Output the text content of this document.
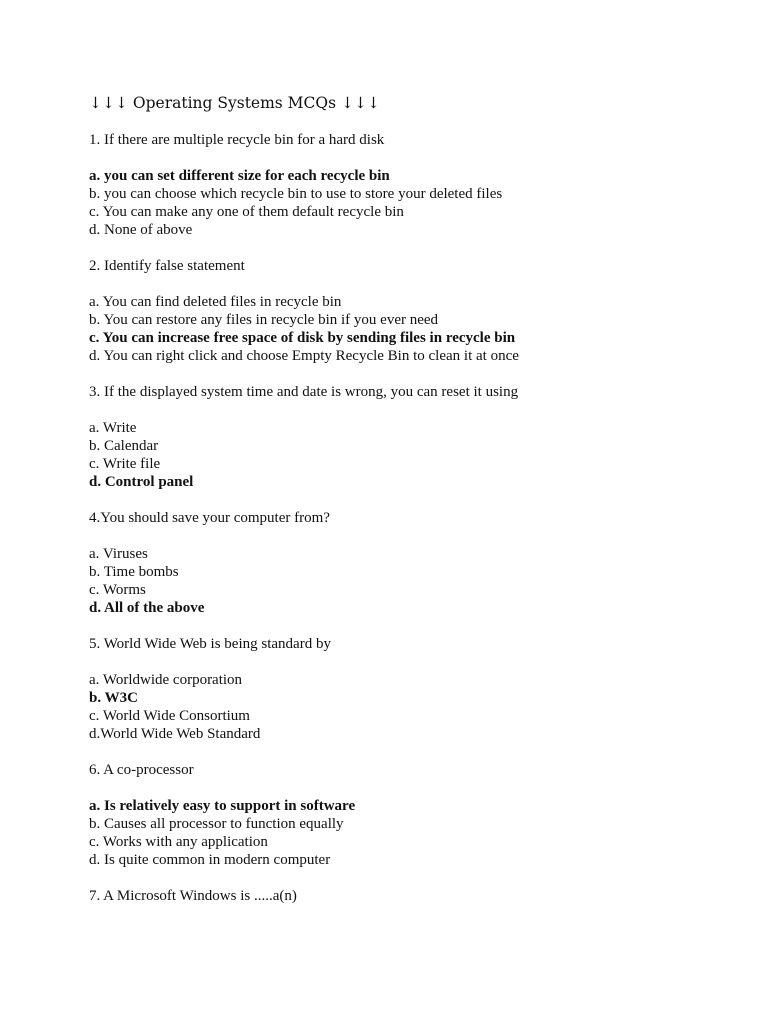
↓↓↓ Operating Systems MCQs ↓↓↓
1. If there are multiple recycle bin for a hard disk
a. you can set different size for each recycle bin
b. you can choose which recycle bin to use to store your deleted files
c. You can make any one of them default recycle bin
d. None of above
2. Identify false statement
a. You can find deleted files in recycle bin
b. You can restore any files in recycle bin if you ever need
c. You can increase free space of disk by sending files in recycle bin
d. You can right click and choose Empty Recycle Bin to clean it at once
3. If the displayed system time and date is wrong, you can reset it using
a. Write
b. Calendar
c. Write file
d. Control panel
4.You should save your computer from?
a. Viruses
b. Time bombs
c. Worms
d. All of the above
5. World Wide Web is being standard by
a. Worldwide corporation
b. W3C
c. World Wide Consortium
d.World Wide Web Standard
6. A co-processor
a. Is relatively easy to support in software
b. Causes all processor to function equally
c. Works with any application
d. Is quite common in modern computer
7. A Microsoft Windows is .....a(n)
